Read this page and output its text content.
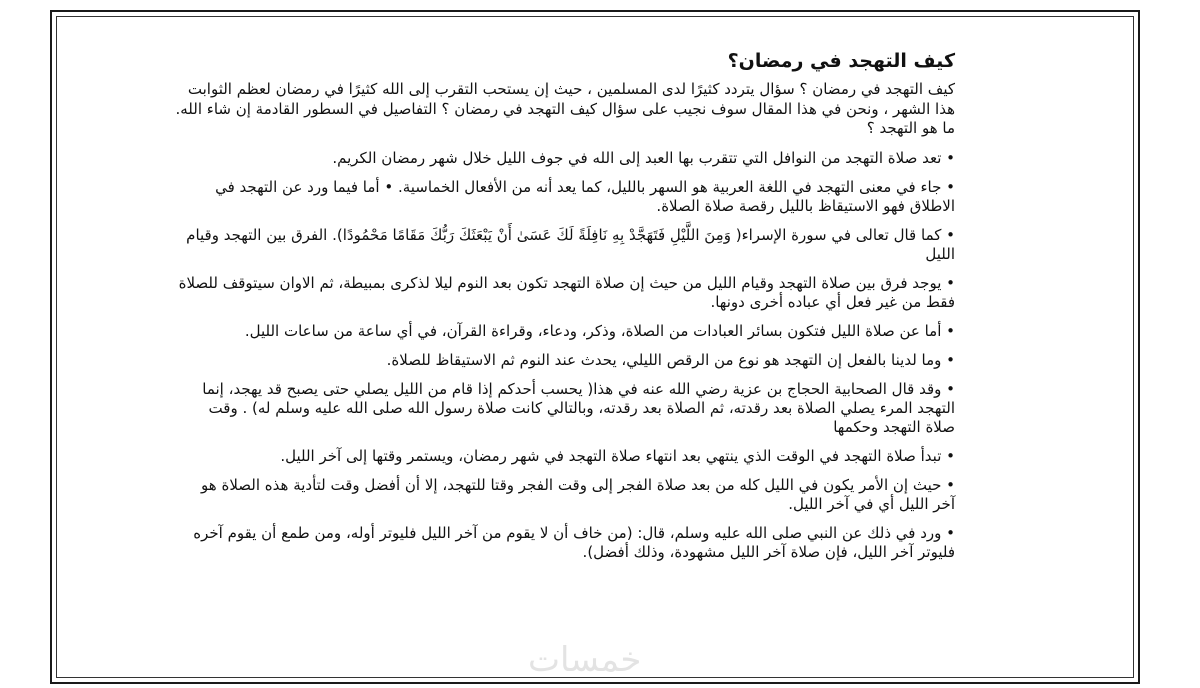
كيف التهجد في رمضان؟

كيف التهجد في رمضان ؟ سؤال يتردد كثيرًا لدى المسلمين ، حيث إن يستحب التقرب إلى الله كثيرًا في رمضان لعظم الثوابت هذا الشهر ، ونحن في هذا المقال سوف نجيب على سؤال كيف التهجد في رمضان ؟ التفاصيل في السطور القادمة إن شاء الله. ما هو التهجد ؟

• تعد صلاة التهجد من النوافل التي تتقرب بها العبد إلى الله في جوف الليل خلال شهر رمضان الكريم.

• جاء في معنى التهجد في اللغة العربية هو السهر بالليل، كما يعد أنه من الأفعال الخماسية. • أما فيما ورد عن التهجد في الاطلاق فهو الاستيقاظ بالليل رقصة صلاة الصلاة.

• كما قال تعالى في سورة الإسراء( وَمِنَ اللَّيْلِ فَتَهَجَّدْ بِهِ نَافِلَةً لَكَ عَسَىٰ أَنْ يَبْعَثَكَ رَبُّكَ مَقَامًا مَحْمُودًا). الفرق بين التهجد وقيام الليل

• يوجد فرق بين صلاة التهجد وقيام الليل من حيث إن صلاة التهجد تكون بعد النوم ليلا لذكرى بمبيطة، ثم الاوان سيتوقف للصلاة فقط من غير فعل أي عباده أخرى دونها.

• أما عن صلاة الليل فتكون بسائر العبادات من الصلاة، وذكر، ودعاء، وقراءة القرآن، في أي ساعة من ساعات الليل.

• وما لدينا بالفعل إن التهجد هو نوع من الرقص الليلي، يحدث عند النوم ثم الاستيقاظ للصلاة.

• وقد قال الصحابية الحجاج بن عزية رضي الله عنه في هذا( يحسب أحدكم إذا قام من الليل يصلي حتى يصبح قد يهجد، إنما التهجد المرء يصلي الصلاة بعد رقدته، ثم الصلاة بعد رقدته، وبالتالي كانت صلاة رسول الله صلى الله عليه وسلم له) . وقت صلاة التهجد وحكمها

• تبدأ صلاة التهجد في الوقت الذي ينتهي بعد انتهاء صلاة التهجد في شهر رمضان، ويستمر وقتها إلى آخر الليل.

• حيث إن الأمر يكون في الليل كله من بعد صلاة الفجر إلى وقت الفجر وقتا للتهجد، إلا أن أفضل وقت لتأدية هذه الصلاة هو آخر الليل أي في آخر الليل.

• ورد في ذلك عن النبي صلى الله عليه وسلم، قال: (من خاف أن لا يقوم من آخر الليل فليوتر أوله، ومن طمع أن يقوم آخره فليوتر آخر الليل، فإن صلاة آخر الليل مشهودة، وذلك أفضل).

خمسات
